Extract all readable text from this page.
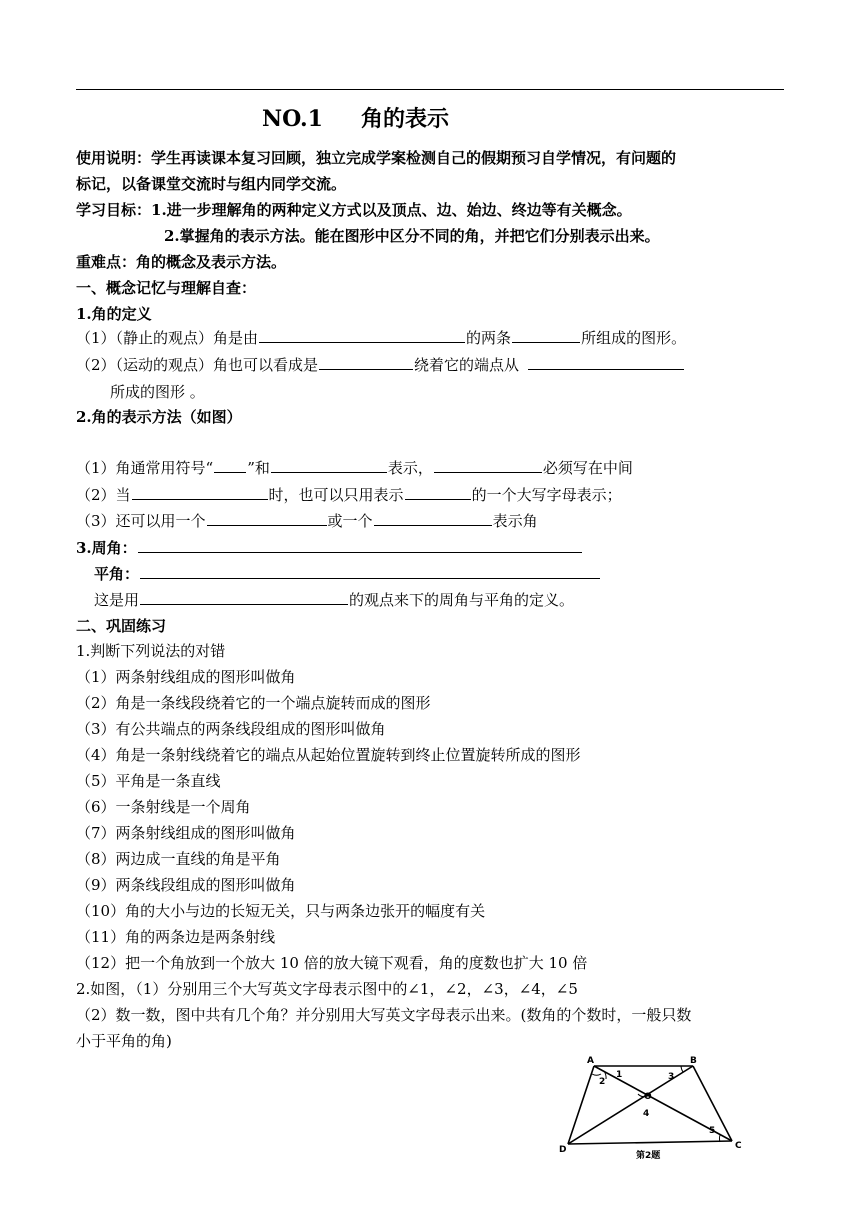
NO.1 角的表示
使用说明：学生再读课本复习回顾，独立完成学案检测自己的假期预习自学情况，有问题的
标记，以备课堂交流时与组内同学交流。
学习目标：1.进一步理解角的两种定义方式以及顶点、边、始边、终边等有关概念。
2.掌握角的表示方法。能在图形中区分不同的角，并把它们分别表示出来。
重难点：角的概念及表示方法。
一、概念记忆与理解自查：
1.角的定义
（1）（静止的观点）角是由	的两条	所组成的图形。
（2）（运动的观点）角也可以看成是	绕着它的端点从
所成的图形 。
2.角的表示方法（如图）
（1）角通常用符号“ ”和	表示，	必须写在中间
（2）当	时，也可以只用表示	的一个大写字母表示；
（3）还可以用一个	或一个	表示角
3.周角：
平角：
这是用	的观点来下的周角与平角的定义。
二、巩固练习
1.判断下列说法的对错
（1）两条射线组成的图形叫做角
（2）角是一条线段绕着它的一个端点旋转而成的图形
（3）有公共端点的两条线段组成的图形叫做角
（4）角是一条射线绕着它的端点从起始位置旋转到终止位置旋转所成的图形
（5）平角是一条直线
（6）一条射线是一个周角
（7）两条射线组成的图形叫做角
（8）两边成一直线的角是平角
（9）两条线段组成的图形叫做角
（10）角的大小与边的长短无关，只与两条边张开的幅度有关
（11）角的两条边是两条射线
（12）把一个角放到一个放大 10 倍的放大镜下观看，角的度数也扩大 10 倍
2.如图，（1）分别用三个大写英文字母表示图中的∠1，∠2，∠3，∠4，∠5
（2）数一数，图中共有几个角？并分别用大写英文字母表示出来。(数角的个数时，一般只数
小于平角的角)
A	B
C
D
O
1
2	3
4
5
第2题
